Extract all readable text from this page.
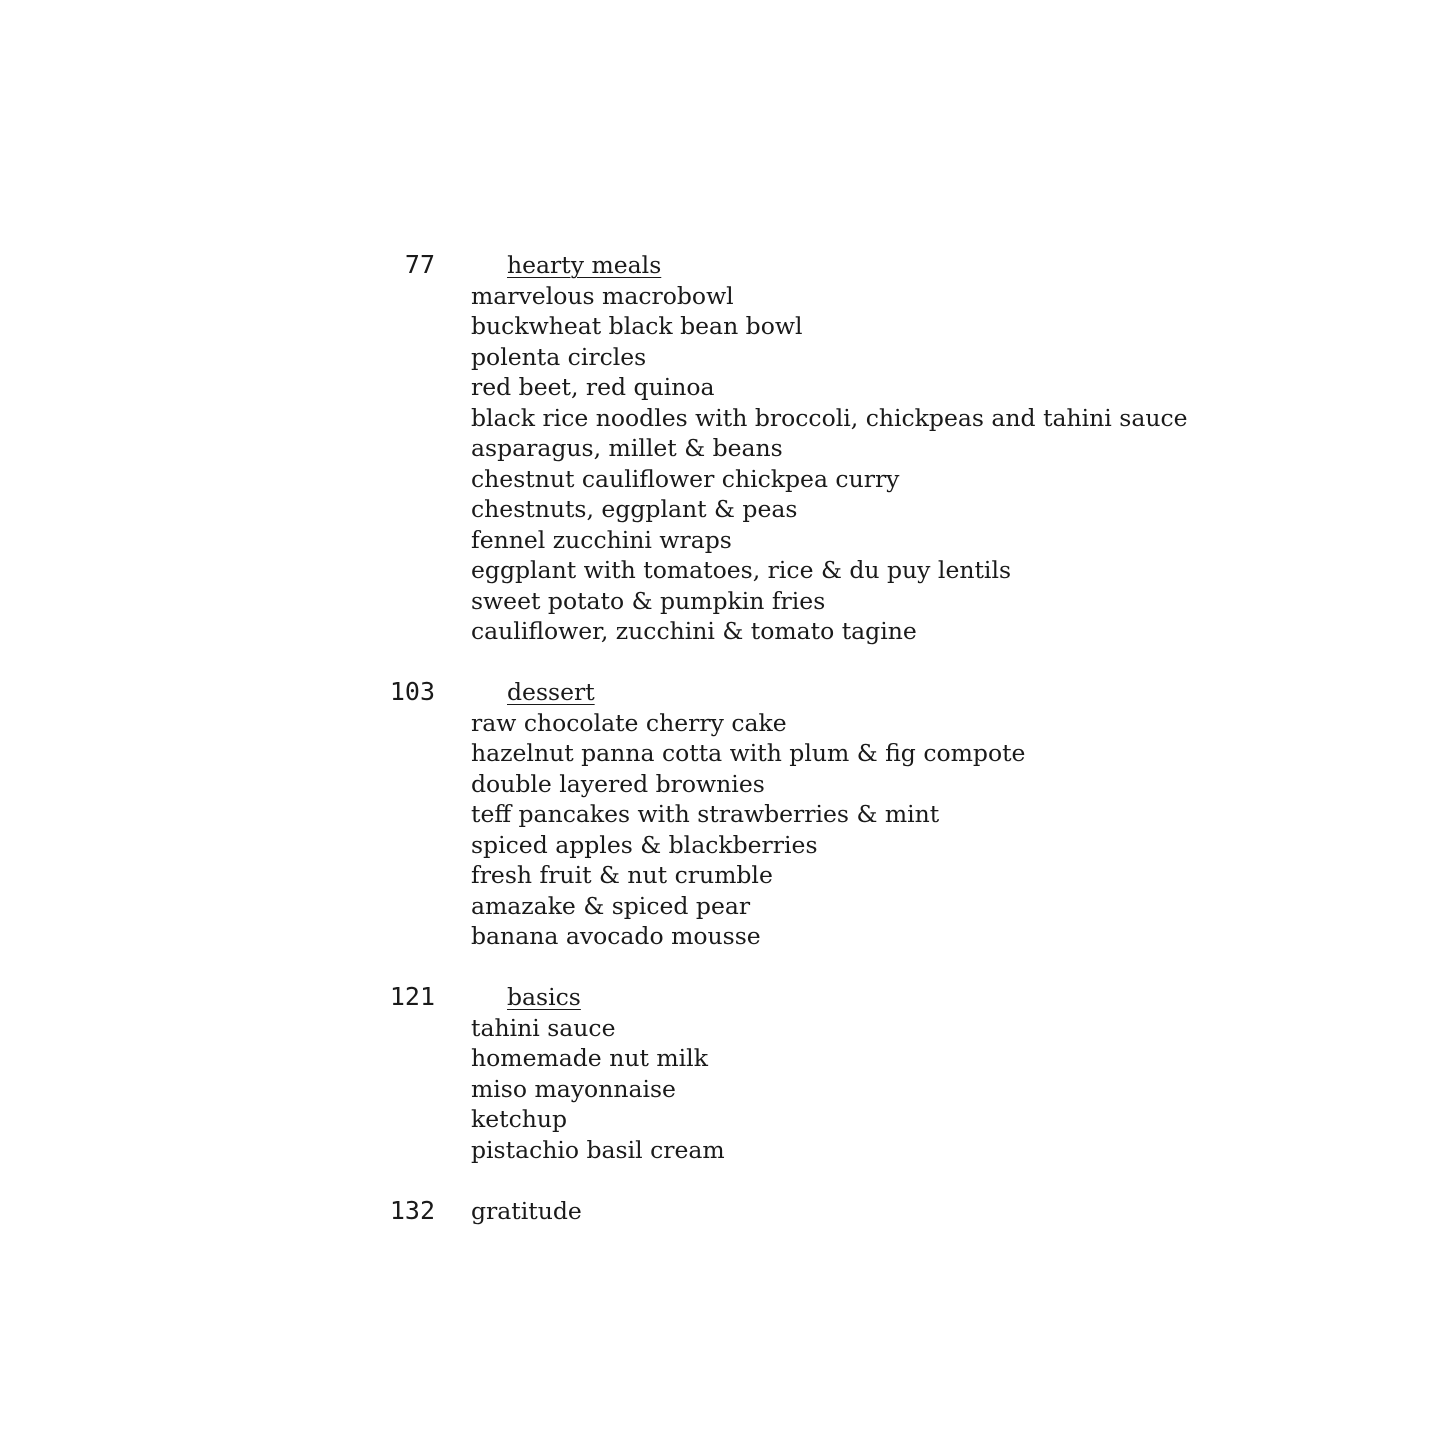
77	hearty meals
marvelous macrobowl
buckwheat black bean bowl
polenta circles
red beet, red quinoa
black rice noodles with broccoli, chickpeas and tahini sauce
asparagus, millet & beans
chestnut cauliflower chickpea curry
chestnuts, eggplant & peas
fennel zucchini wraps
eggplant with tomatoes, rice & du puy lentils
sweet potato & pumpkin fries
cauliflower, zucchini & tomato tagine
103	dessert
raw chocolate cherry cake
hazelnut panna cotta with plum & fig compote
double layered brownies
teff pancakes with strawberries & mint
spiced apples & blackberries
fresh fruit & nut crumble
amazake & spiced pear
banana avocado mousse
121	basics
tahini sauce
homemade nut milk
miso mayonnaise
ketchup
pistachio basil cream
132 gratitude
